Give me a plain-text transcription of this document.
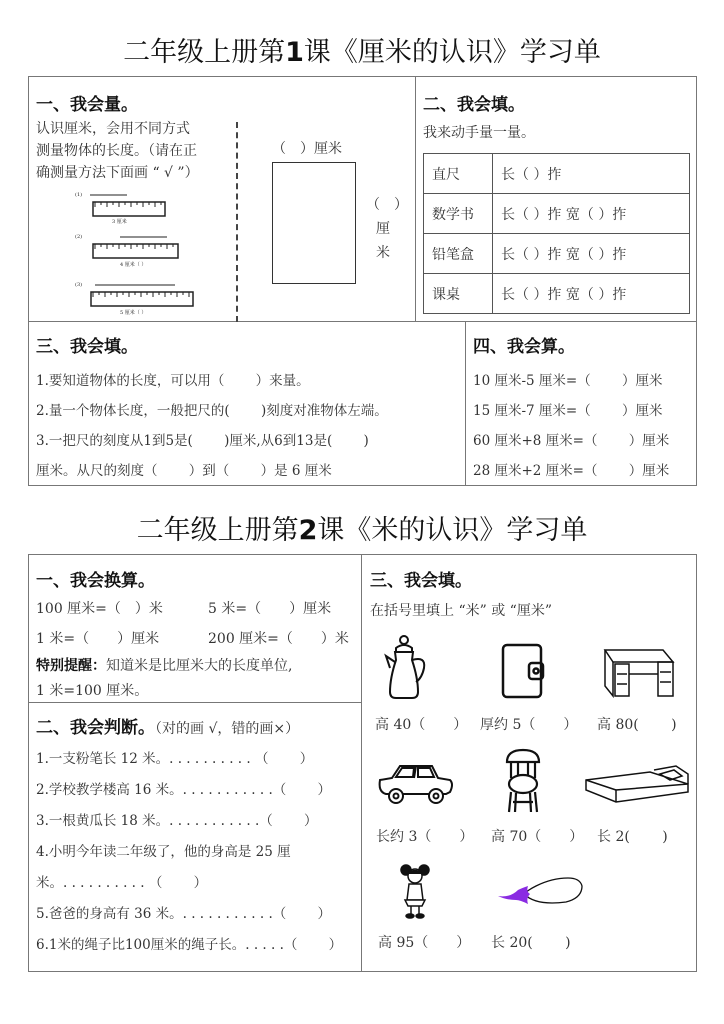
二年级上册第1课《厘米的认识》学习单
一、我会量。
认识厘米，会用不同方式
测量物体的长度。（请在正
确测量方法下面画 “ √ ”）
(1)
3 厘米
(2)
4 厘米（ ）
(3)
5 厘米（ ）
（　）厘米
（　）
厘
米
二、我会填。
我来动手量一量。
直尺	长（ ）拃
数学书	长（ ）拃 宽（ ）拃
铅笔盒	长（ ）拃 宽（ ）拃
课桌	长（ ）拃 宽（ ）拃
三、我会填。
1.要知道物体的长度，可以用（　　 ）来量。
2.量一个物体长度，一般把尺的(　　 )刻度对准物体左端。
3.一把尺的刻度从1到5是(　　 )厘米,从6到13是(　　 )
厘米。从尺的刻度（　　 ）到（　　 ）是 6 厘米
四、我会算。
10 厘米-5 厘米=（　　 ）厘米
15 厘米-7 厘米=（　　 ）厘米
60 厘米+8 厘米=（　　 ）厘米
28 厘米+2 厘米=（　　 ）厘米
二年级上册第2课《米的认识》学习单
一、我会换算。
100 厘米=（　）米	5 米=（　　）厘米
1 米=（　　）厘米	200 厘米=（　　）米
特别提醒：知道米是比厘米大的长度单位,
1 米=100 厘米。
二、我会判断。（对的画 √，错的画×）
1.一支粉笔长 12 米。. . . . . . . . . . （　　 ）
2.学校教学楼高 16 米。. . . . . . . . . . .（　　 ）
3.一根黄瓜长 18 米。. . . . . . . . . . .（　　 ）
4.小明今年读二年级了，他的身高是 25 厘
米。. . . . . . . . . . （　　 ）
5.爸爸的身高有 36 米。. . . . . . . . . . .（　　 ）
6.1米的绳子比100厘米的绳子长。. . . . .（　　 ）
三、我会填。
在括号里填上 “米” 或 “厘米”
高 40（　　） 厚约 5（　　） 高 80(　　 )
长约 3（　　） 高 70（　　） 长 2(　　 )
高 95（　　） 长 20(　　 )
